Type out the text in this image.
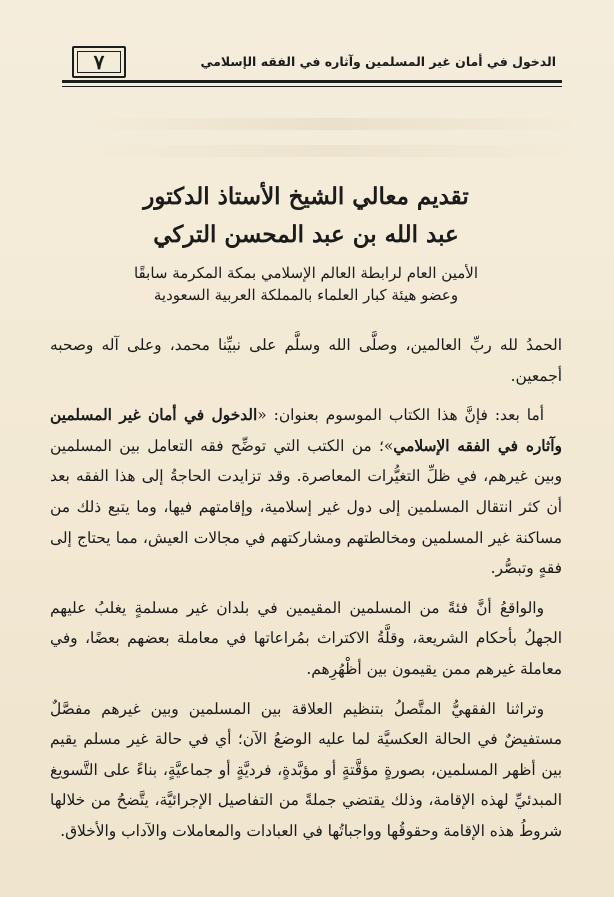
٧	الدخول في أمان غير المسلمين وآثاره في الفقه الإسلامي

تقديم معالي الشيخ الأستاذ الدكتور

عبد الله بن عبد المحسن التركي

الأمين العام لرابطة العالم الإسلامي بمكة المكرمة سابقًا

وعضو هيئة كبار العلماء بالمملكة العربية السعودية

الحمدُ لله ربِّ العالمين، وصلَّى الله وسلَّم على نبيِّنا محمد، وعلى آله وصحبه أجمعين.

أما بعد: فإنَّ هذا الكتاب الموسوم بعنوان: «الدخول في أمان غير المسلمين وآثاره في الفقه الإسلامي»؛ من الكتب التي توضِّح فقه التعامل بين المسلمين وبين غيرهم، في ظلِّ التغيُّرات المعاصرة. وقد تزايدت الحاجةُ إلى هذا الفقه بعد أن كثر انتقال المسلمين إلى دول غير إسلامية، وإقامتهم فيها، وما يتبع ذلك من مساكنة غير المسلمين ومخالطتهم ومشاركتهم في مجالات العيش، مما يحتاج إلى فقهٍ وتبصُّر.

والواقعُ أنَّ فئةً من المسلمين المقيمين في بلدان غير مسلمةٍ يغلبُ عليهم الجهلُ بأحكام الشريعة، وقلَّةُ الاكتراث بمُراعاتها في معاملة بعضهم بعضًا، وفي معاملة غيرهم ممن يقيمون بين أظْهُرِهم.

وتراثنا الفقهيُّ المتَّصلُ بتنظيم العلاقة بين المسلمين وبين غيرهم مفصَّلٌ مستفيضٌ في الحالة العكسيَّة لما عليه الوضعُ الآن؛ أي في حالة غير مسلم يقيم بين أظهر المسلمين، بصورةٍ مؤقَّتةٍ أو مؤبَّدةٍ، فرديَّةٍ أو جماعيَّةٍ، بناءً على التَّسويغ المبدئيِّ لهذه الإقامة، وذلك يقتضي جملةً من التفاصيل الإجرائيَّة، يتَّضحُ من خلالها شروطُ هذه الإقامة وحقوقُها وواجباتُها في العبادات والمعاملات والآداب والأخلاق.
